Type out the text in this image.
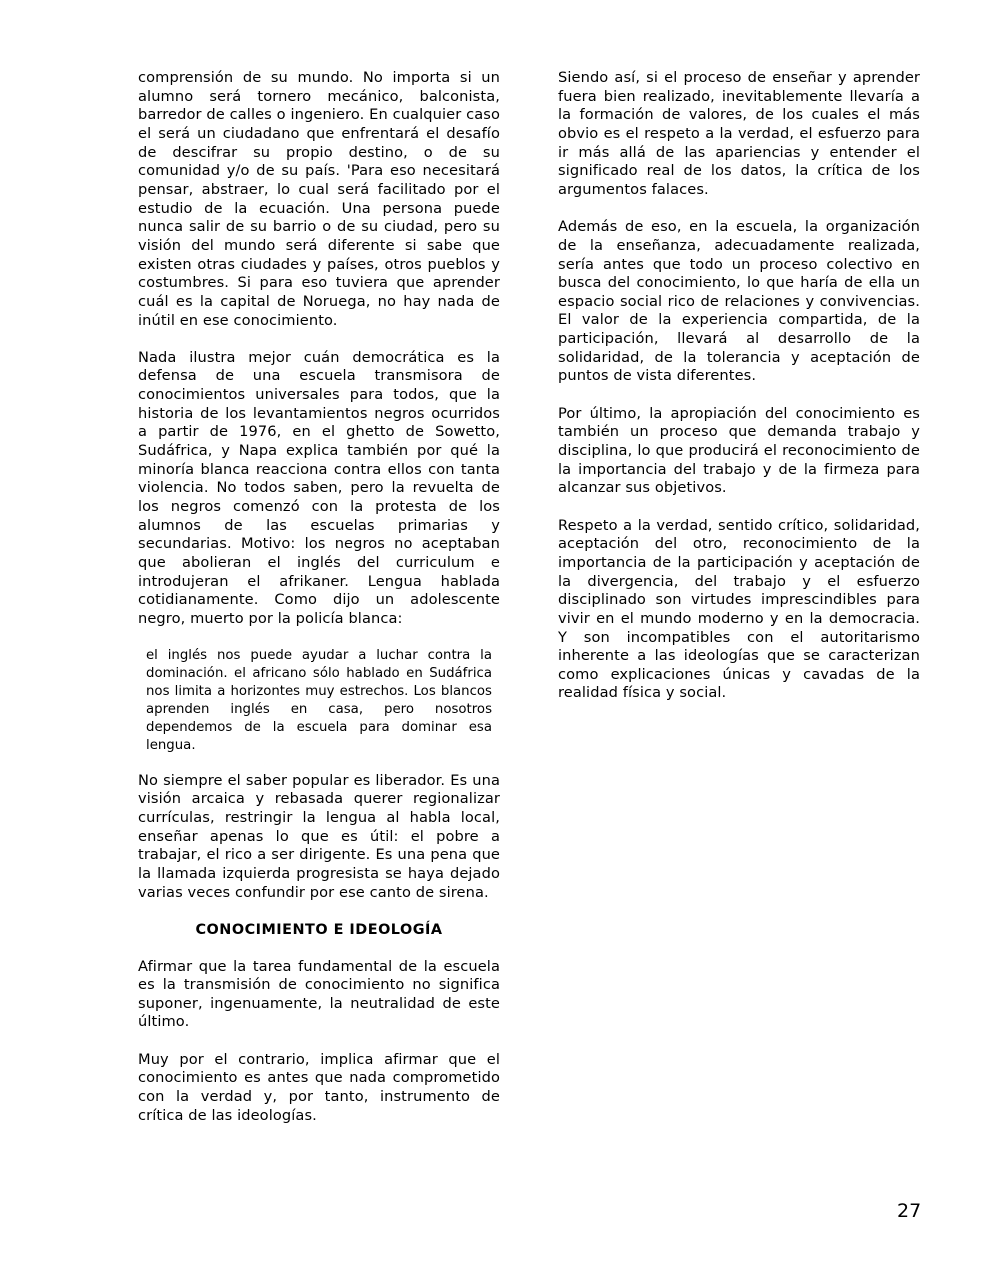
comprensión de su mundo. No importa si un alumno será tornero mecánico, balconista, barredor de calles o ingeniero. En cualquier caso el será un ciudadano que enfrentará el desafío de descifrar su propio destino, o de su comunidad y/o de su país. 'Para eso necesitará pensar, abstraer, lo cual será facilitado por el estudio de la ecuación. Una persona puede nunca salir de su barrio o de su ciudad, pero su visión del mundo será diferente si sabe que existen otras ciudades y países, otros pueblos y costumbres. Si para eso tuviera que aprender cuál es la capital de Noruega, no hay nada de inútil en ese conocimiento.

Nada ilustra mejor cuán democrática es la defensa de una escuela transmisora de conocimientos universales para todos, que la historia de los levantamientos negros ocurridos a partir de 1976, en el ghetto de Sowetto, Sudáfrica, y Napa explica también por qué la minoría blanca reacciona contra ellos con tanta violencia. No todos saben, pero la revuelta de los negros comenzó con la protesta de los alumnos de las escuelas primarias y secundarias. Motivo: los negros no aceptaban que abolieran el inglés del curriculum e introdujeran el afrikaner. Lengua hablada cotidianamente. Como dijo un adolescente negro, muerto por la policía blanca:

el inglés nos puede ayudar a luchar contra la dominación. el africano sólo hablado en Sudáfrica nos limita a horizontes muy estrechos. Los blancos aprenden inglés en casa, pero nosotros dependemos de la escuela para dominar esa lengua.

No siempre el saber popular es liberador. Es una visión arcaica y rebasada querer regionalizar currículas, restringir la lengua al habla local, enseñar apenas lo que es útil: el pobre a trabajar, el rico a ser dirigente. Es una pena que la llamada izquierda progresista se haya dejado varias veces confundir por ese canto de sirena.

CONOCIMIENTO E IDEOLOGÍA

Afirmar que la tarea fundamental de la escuela es la transmisión de conocimiento no significa suponer, ingenuamente, la neutralidad de este último.

Muy por el contrario, implica afirmar que el conocimiento es antes que nada comprometido con la verdad y, por tanto, instrumento de crítica de las ideologías.

Siendo así, si el proceso de enseñar y aprender fuera bien realizado, inevitablemente llevaría a la formación de valores, de los cuales el más obvio es el respeto a la verdad, el esfuerzo para ir más allá de las apariencias y entender el significado real de los datos, la crítica de los argumentos falaces.

Además de eso, en la escuela, la organización de la enseñanza, adecuadamente realizada, sería antes que todo un proceso colectivo en busca del conocimiento, lo que haría de ella un espacio social rico de relaciones y convivencias. El valor de la experiencia compartida, de la participación, llevará al desarrollo de la solidaridad, de la tolerancia y aceptación de puntos de vista diferentes.

Por último, la apropiación del conocimiento es también un proceso que demanda trabajo y disciplina, lo que producirá el reconocimiento de la importancia del trabajo y de la firmeza para alcanzar sus objetivos.

Respeto a la verdad, sentido crítico, solidaridad, aceptación del otro, reconocimiento de la importancia de la participación y aceptación de la divergencia, del trabajo y el esfuerzo disciplinado son virtudes imprescindibles para vivir en el mundo moderno y en la democracia. Y son incompatibles con el autoritarismo inherente a las ideologías que se caracterizan como explicaciones únicas y cavadas de la realidad física y social.

27
